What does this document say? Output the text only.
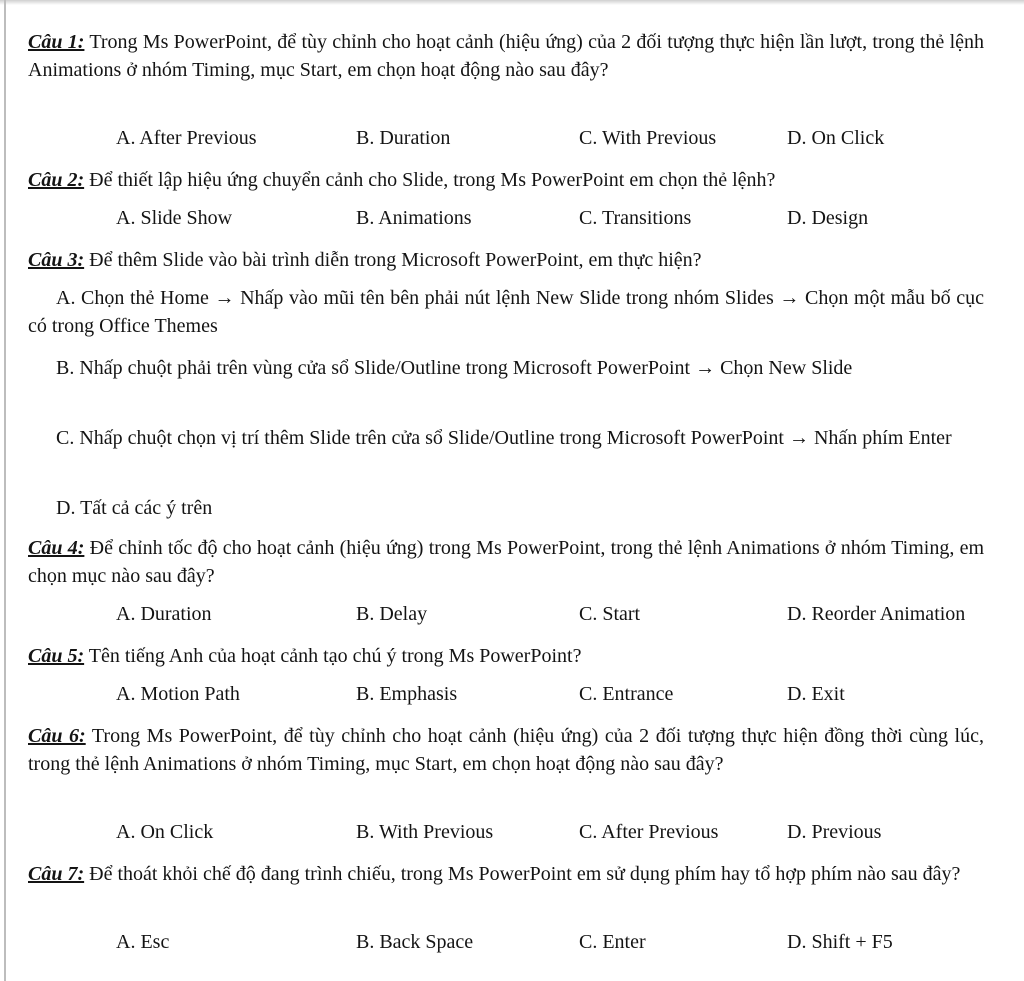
Câu 1: Trong Ms PowerPoint, để tùy chỉnh cho hoạt cảnh (hiệu ứng) của 2 đối tượng thực hiện lần lượt, trong thẻ lệnh Animations ở nhóm Timing, mục Start, em chọn hoạt động nào sau đây?
A. After Previous	B. Duration	C. With Previous	D. On Click
Câu 2: Để thiết lập hiệu ứng chuyển cảnh cho Slide, trong Ms PowerPoint em chọn thẻ lệnh?
A. Slide Show	B. Animations	C. Transitions	D. Design
Câu 3: Để thêm Slide vào bài trình diễn trong Microsoft PowerPoint, em thực hiện?
A. Chọn thẻ Home → Nhấp vào mũi tên bên phải nút lệnh New Slide trong nhóm Slides → Chọn một mẫu bố cục có trong Office Themes
B. Nhấp chuột phải trên vùng cửa sổ Slide/Outline trong Microsoft PowerPoint → Chọn New Slide
C. Nhấp chuột chọn vị trí thêm Slide trên cửa sổ Slide/Outline trong Microsoft PowerPoint → Nhấn phím Enter
D. Tất cả các ý trên
Câu 4: Để chỉnh tốc độ cho hoạt cảnh (hiệu ứng) trong Ms PowerPoint, trong thẻ lệnh Animations ở nhóm Timing, em chọn mục nào sau đây?
A. Duration	B. Delay	C. Start	D. Reorder Animation
Câu 5: Tên tiếng Anh của hoạt cảnh tạo chú ý trong Ms PowerPoint?
A. Motion Path	B. Emphasis	C. Entrance	D. Exit
Câu 6: Trong Ms PowerPoint, để tùy chỉnh cho hoạt cảnh (hiệu ứng) của 2 đối tượng thực hiện đồng thời cùng lúc, trong thẻ lệnh Animations ở nhóm Timing, mục Start, em chọn hoạt động nào sau đây?
A. On Click	B. With Previous	C. After Previous	D. Previous
Câu 7: Để thoát khỏi chế độ đang trình chiếu, trong Ms PowerPoint em sử dụng phím hay tổ hợp phím nào sau đây?
A. Esc	B. Back Space	C. Enter	D. Shift + F5
